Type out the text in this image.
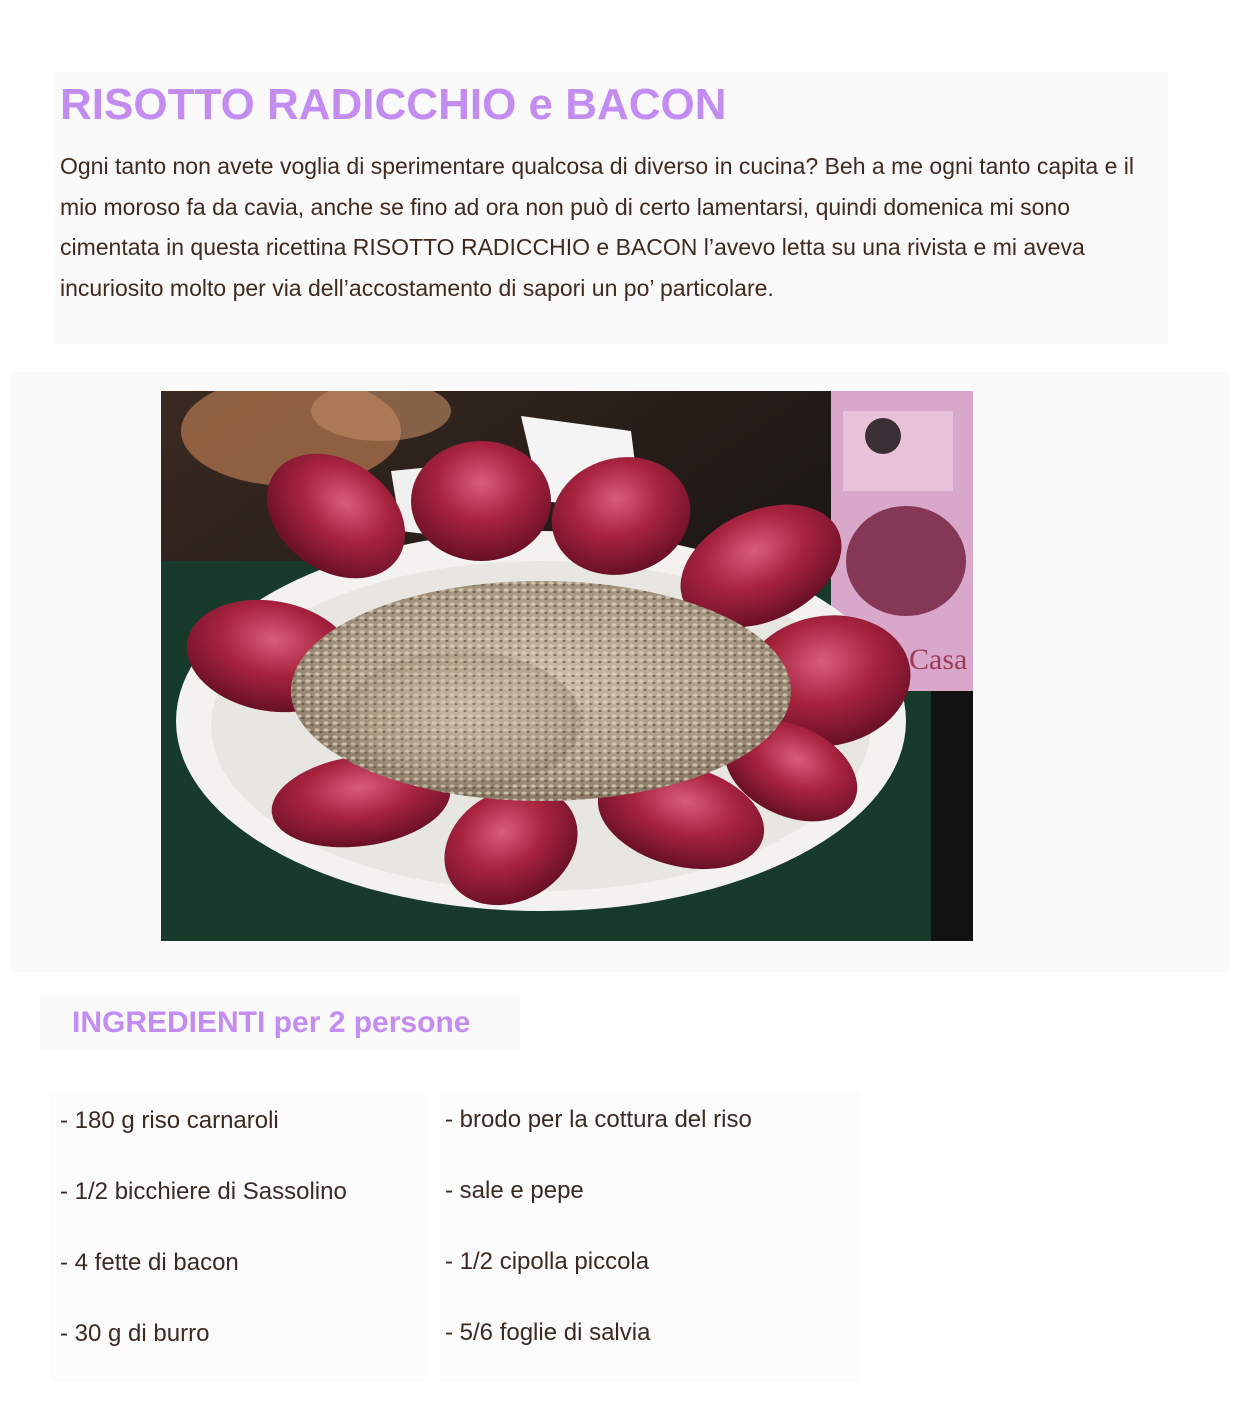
RISOTTO RADICCHIO e BACON

Ogni tanto non avete voglia di sperimentare qualcosa di diverso in cucina? Beh a me ogni tanto capita e il mio moroso fa da cavia, anche se fino ad ora non può di certo lamentarsi, quindi domenica mi sono cimentata in questa ricettina RISOTTO RADICCHIO e BACON l’avevo letta su una rivista e mi aveva incuriosito molto per via dell’accostamento di sapori un po’ particolare.

Casa
INGREDIENTI per 2 persone
- 180 g riso carnaroli
- 1/2 bicchiere di Sassolino
- 4 fette di bacon
- 30 g di burro
- brodo per la cottura del riso
- sale e pepe
- 1/2 cipolla piccola
- 5/6 foglie di salvia
